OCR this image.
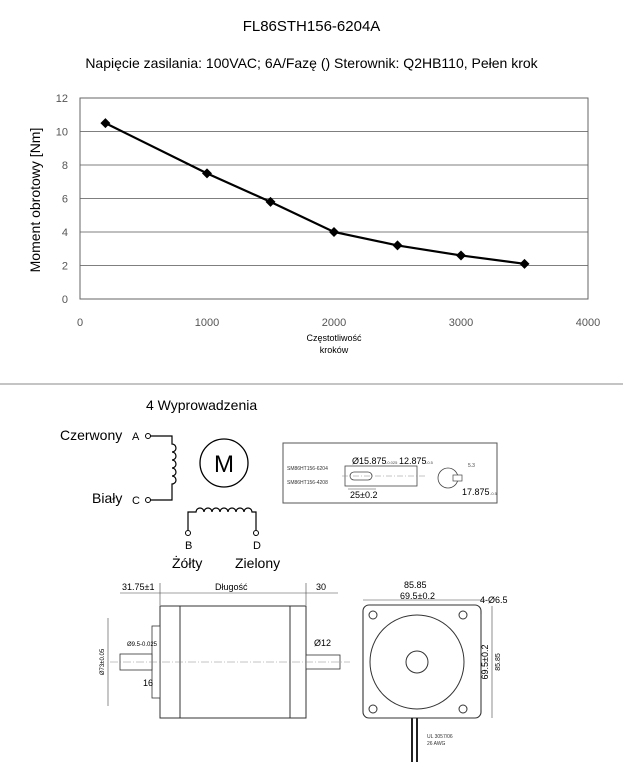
FL86STH156-6204A
Napięcie zasilania: 100VAC; 6A/Fazę () Sterownik: Q2HB110, Pełen krok
0
2
4
6
8
10
12
0	1000	2000	3000	4000
Częstotliwość
kroków
Moment obrotowy [Nm]
4 Wyprowadzenia
Czerwony
Biały
A
C
M
B	D
Żółty Zielony
SM86HT156-6204
SM86HT156-4208
Ø15.875 -0.025 12.875 -0.5
25±0.2
5.3
17.875 -0.5
31.75±1	Długość	30
Ø73±0.05
Ø9.5-0.025
16
Ø12
85.85
69.5±0.2	4-Ø6.5
69.5±0.2 85.85
UL 3057/06
26 AWG
